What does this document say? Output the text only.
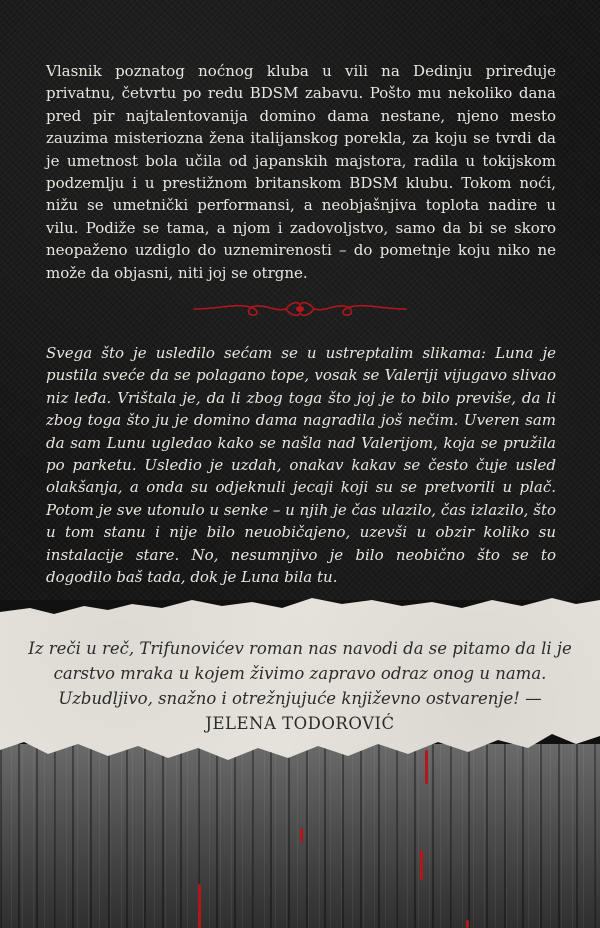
Vlasnik poznatog noćnog kluba u vili na Dedinju priređuje privatnu, četvrtu po redu BDSM zabavu. Pošto mu nekoliko dana pred pir najtalentovanija domino dama nestane, njeno mesto zauzima misteriozna žena italijanskog porekla, za koju se tvrdi da je umetnost bola učila od japanskih majstora, radila u tokijskom podzemlju i u prestižnom britanskom BDSM klubu. Tokom noći, nižu se umetnički performansi, a neobjašnjiva toplota nadire u vilu. Podiže se tama, a njom i zadovoljstvo, samo da bi se skoro neopaženo uzdiglo do uznemirenosti – do pometnje koju niko ne može da objasni, niti joj se otrgne.

Svega što je usledilo sećam se u ustreptalim slikama: Luna je pustila sveće da se polagano tope, vosak se Valeriji vijugavo slivao niz leđa. Vrištala je, da li zbog toga što joj je to bilo previše, da li zbog toga što ju je domino dama nagradila još nečim. Uveren sam da sam Lunu ugledao kako se našla nad Valerijom, koja se pružila po parketu. Usledio je uzdah, onakav kakav se često čuje usled olakšanja, a onda su odjeknuli jecaji koji su se pretvorili u plač. Potom je sve utonulo u senke – u njih je čas ulazilo, čas izlazilo, što u tom stanu i nije bilo neuobičajeno, uzevši u obzir koliko su instalacije stare. No, nesumnjivo je bilo neobično što se to dogodilo baš tada, dok je Luna bila tu.

Iz reči u reč, Trifunovićev roman nas navodi da se pitamo da li je
carstvo mraka u kojem živimo zapravo odraz onog u nama.
Uzbudljivo, snažno i otrežnjujuće književno ostvarenje! —
JELENA TODOROVIĆ
